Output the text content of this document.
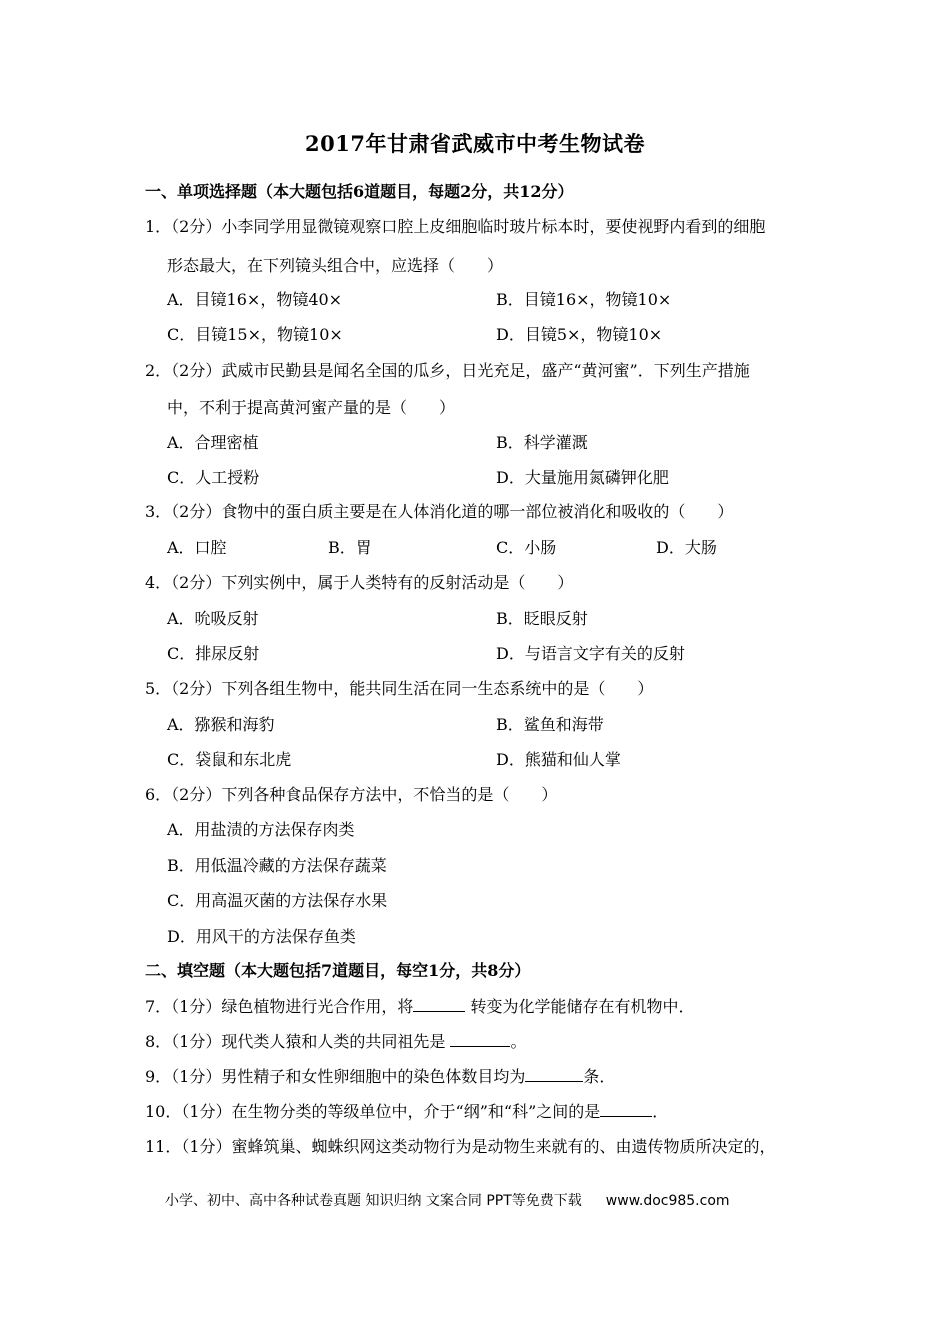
2017年甘肃省武威市中考生物试卷
一、单项选择题（本大题包括6道题目，每题2分，共12分）
1．（2分）小李同学用显微镜观察口腔上皮细胞临时玻片标本时，要使视野内看到的细胞
形态最大，在下列镜头组合中，应选择（　　）
A．目镜16×，物镜40×	B．目镜16×，物镜10×
C．目镜15×，物镜10×	D．目镜5×，物镜10×
2．（2分）武威市民勤县是闻名全国的瓜乡，日光充足，盛产“黄河蜜”．下列生产措施
中，不利于提高黄河蜜产量的是（　　）
A．合理密植	B．科学灌溉
C．人工授粉	D．大量施用氮磷钾化肥
3．（2分）食物中的蛋白质主要是在人体消化道的哪一部位被消化和吸收的（　　）
A．口腔	B．胃	C．小肠	D．大肠
4．（2分）下列实例中，属于人类特有的反射活动是（　　）
A．吮吸反射	B．眨眼反射
C．排尿反射	D．与语言文字有关的反射
5．（2分）下列各组生物中，能共同生活在同一生态系统中的是（　　）
A．猕猴和海豹	B．鲨鱼和海带
C．袋鼠和东北虎	D．熊猫和仙人掌
6．（2分）下列各种食品保存方法中，不恰当的是（　　）
A．用盐渍的方法保存肉类
B．用低温冷藏的方法保存蔬菜
C．用高温灭菌的方法保存水果
D．用风干的方法保存鱼类
二、填空题（本大题包括7道题目，每空1分，共8分）
7．（1分）绿色植物进行光合作用，将	转变为化学能储存在有机物中．
8．（1分）现代类人猿和人类的共同祖先是	。
9．（1分）男性精子和女性卵细胞中的染色体数目均为	条．
10．（1分）在生物分类的等级单位中，介于“纲”和“科”之间的是	．
11．（1分）蜜蜂筑巢、蜘蛛织网这类动物行为是动物生来就有的、由遗传物质所决定的，
小学、初中、高中各种试卷真题 知识归纳 文案合同 PPT等免费下载 www.doc985.com
